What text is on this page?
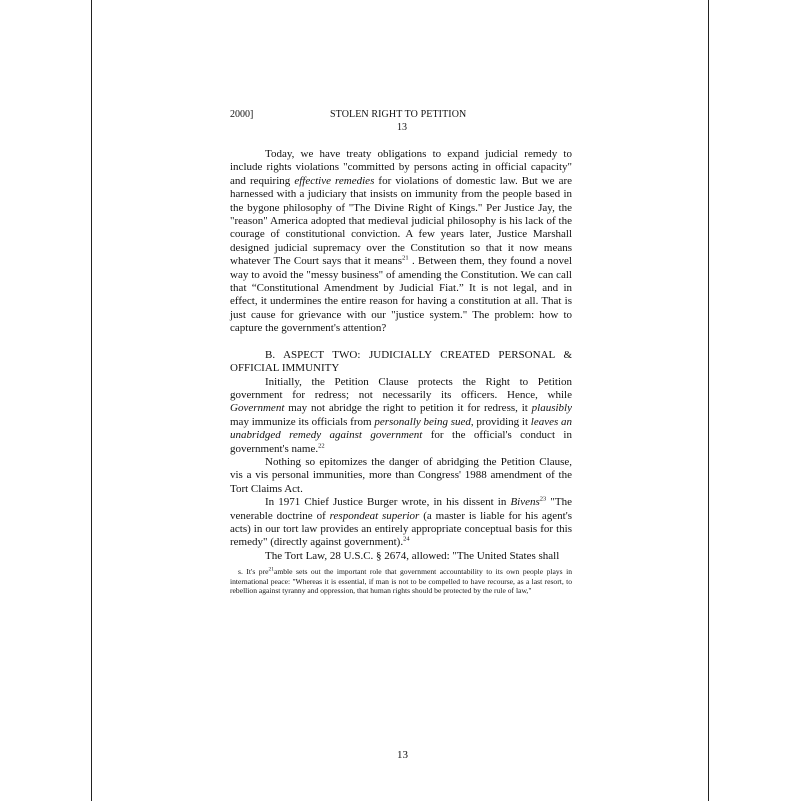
2000]	STOLEN RIGHT TO PETITION
13

Today, we have treaty obligations to expand judicial remedy to include rights violations "committed by persons acting in official capacity" and requiring effective remedies for violations of domestic law. But we are harnessed with a judiciary that insists on immunity from the people based in the bygone philosophy of "The Divine Right of Kings." Per Justice Jay, the "reason" America adopted that medieval judicial philosophy is his lack of the courage of constitutional conviction. A few years later, Justice Marshall designed judicial supremacy over the Constitution so that it now means whatever The Court says that it means$^{21}$ . Between them, they found a novel way to avoid the "messy business" of amending the Constitution. We can call that “Constitutional Amendment by Judicial Fiat.” It is not legal, and in effect, it undermines the entire reason for having a constitution at all. That is just cause for grievance with our "justice system." The problem: how to capture the government's attention?

B. ASPECT TWO: JUDICIALLY CREATED PERSONAL & OFFICIAL IMMUNITY

Initially, the Petition Clause protects the Right to Petition government for redress; not necessarily its officers. Hence, while Government may not abridge the right to petition it for redress, it plausibly may immunize its officials from personally being sued, providing it leaves an unabridged remedy against government for the official's conduct in government's name.$^{22}$

Nothing so epitomizes the danger of abridging the Petition Clause, vis a vis personal immunities, more than Congress' 1988 amendment of the Tort Claims Act.

In 1971 Chief Justice Burger wrote, in his dissent in Bivens$^{23}$ "The venerable doctrine of respondeat superior (a master is liable for his agent's acts) in our tort law provides an entirely appropriate conceptual basis for this remedy" (directly against government).$^{24}$

The Tort Law, 28 U.S.C. § 2674, allowed: "The United States shall

s. It's pre$^{21}$amble sets out the important role that government accountability to its own people plays in international peace: "Whereas it is essential, if man is not to be compelled to have recourse, as a last resort, to rebellion against tyranny and oppression, that human rights should be protected by the rule of law,"
13
